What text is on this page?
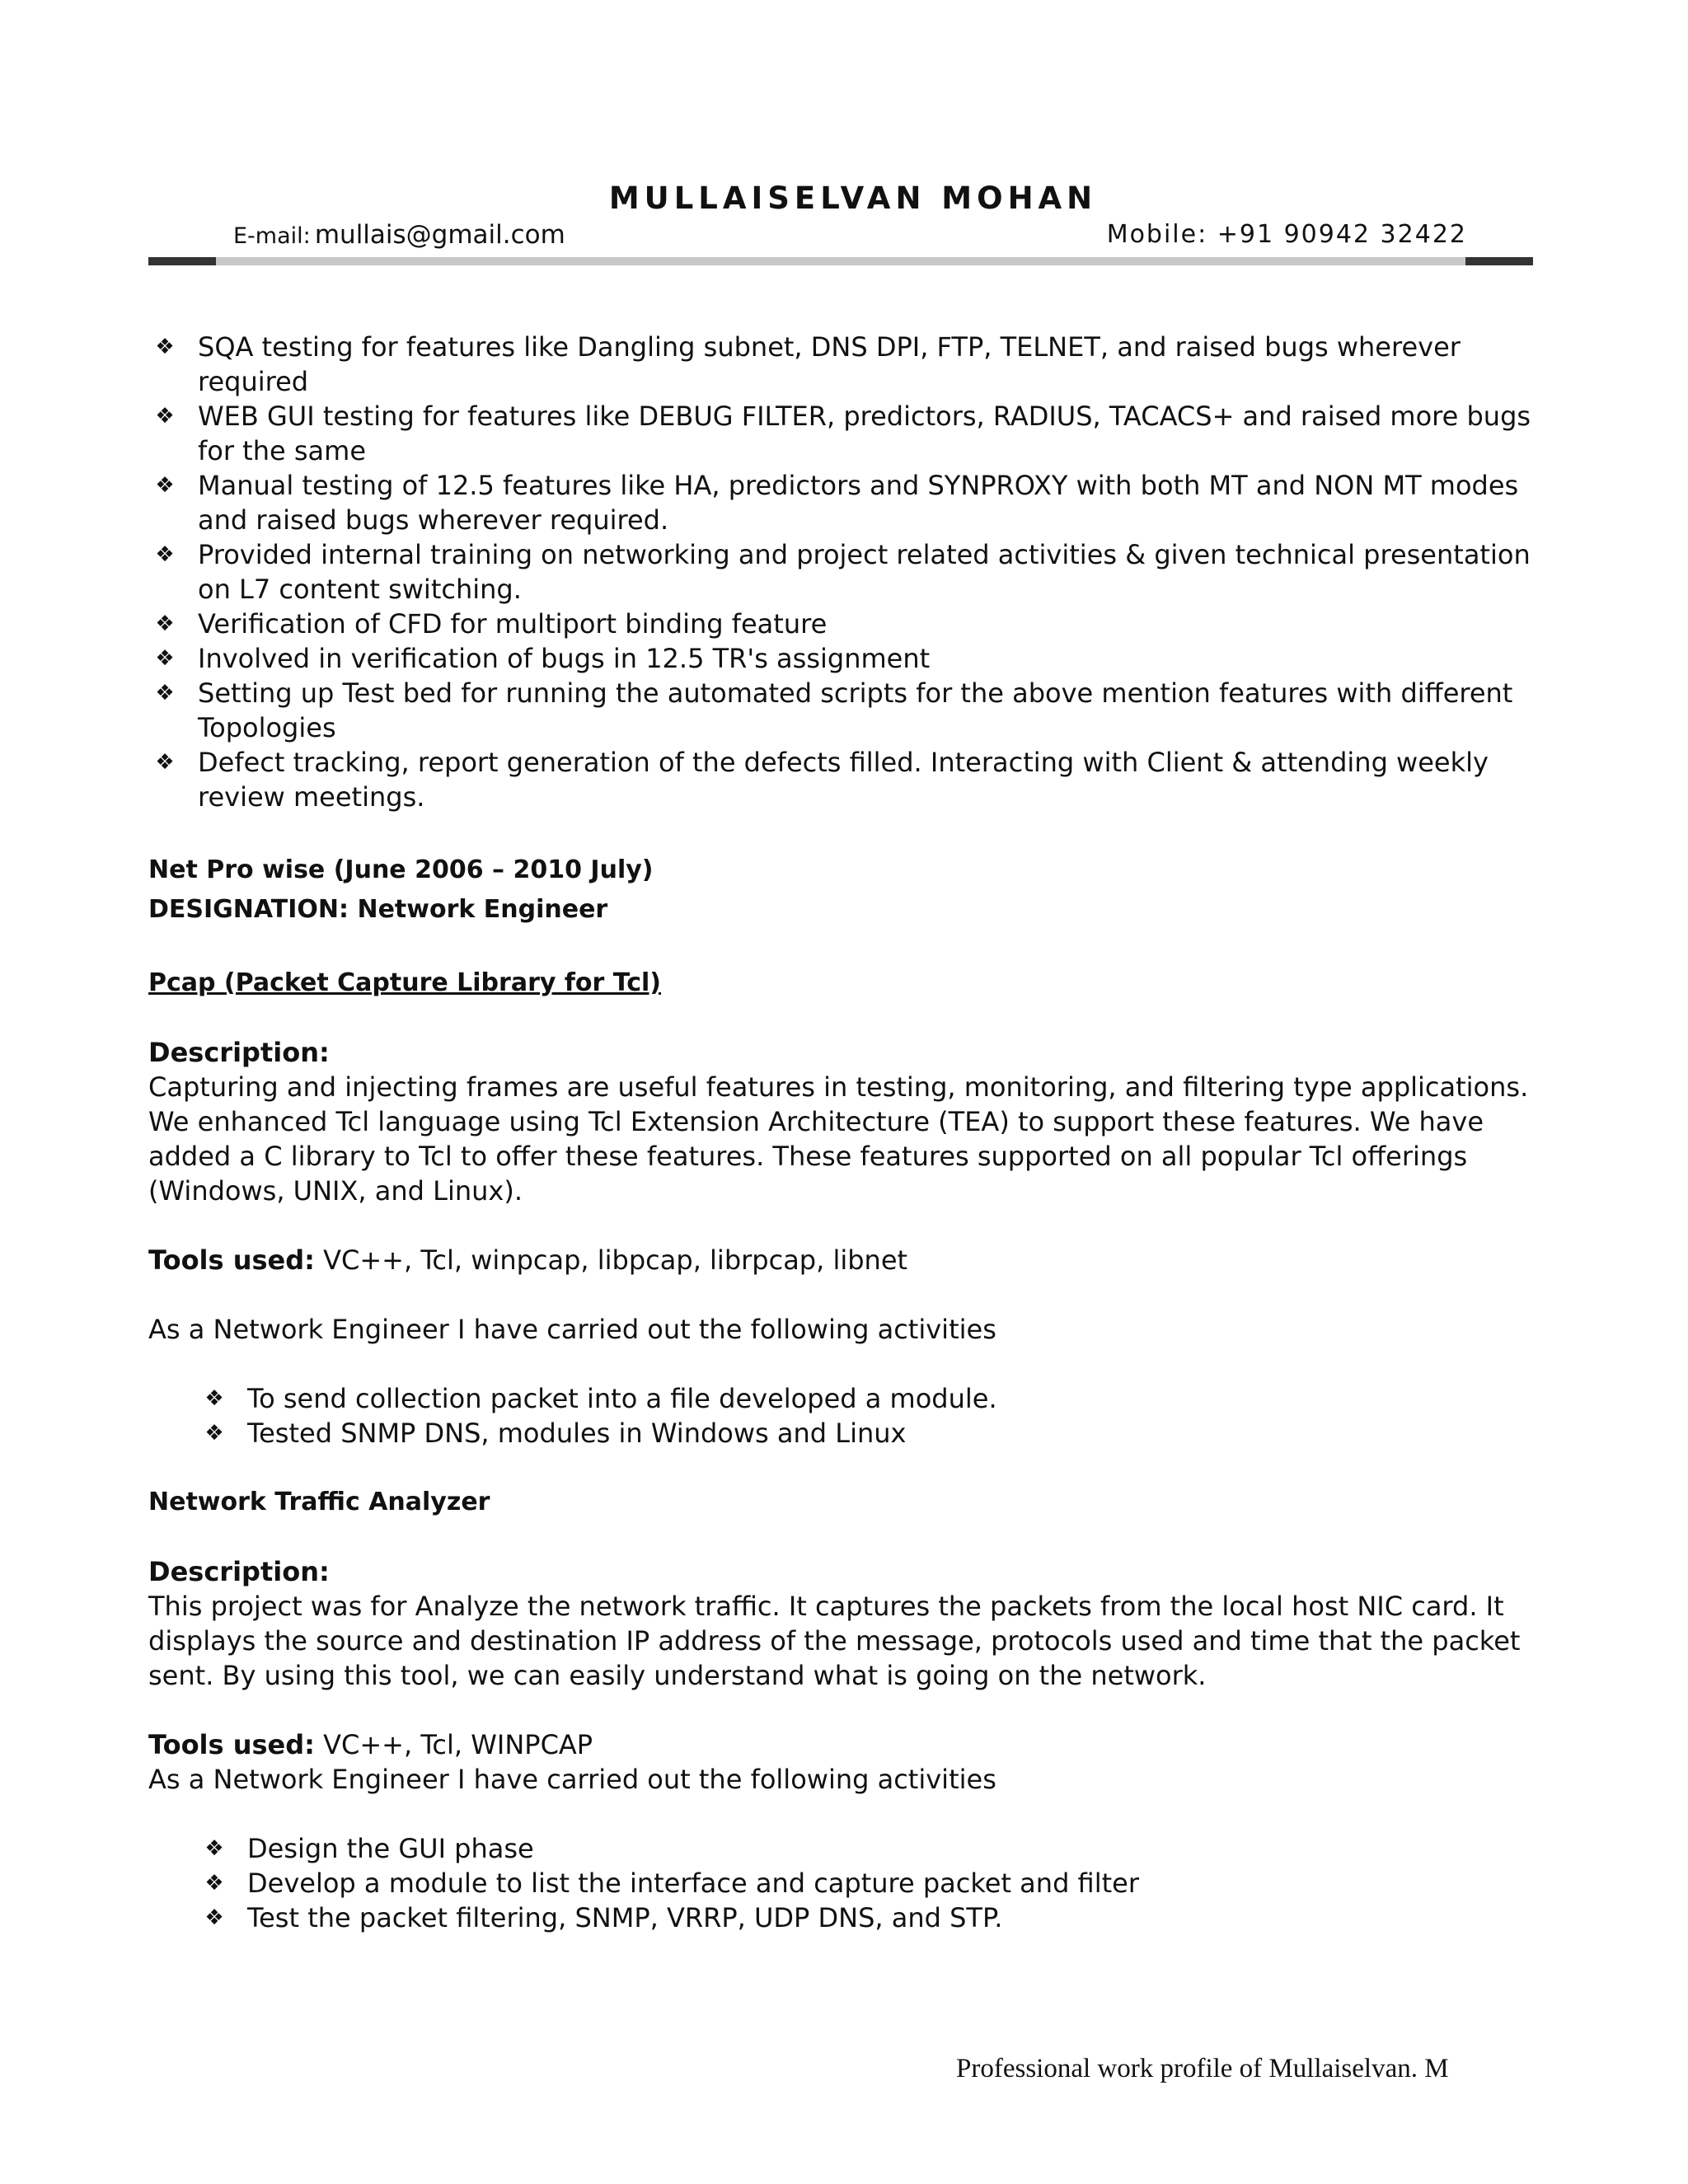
MULLAISELVAN MOHAN

E-mail: mullais@gmail.com	Mobile: +91 90942 32422
❖ SQA testing for features like Dangling subnet, DNS DPI, FTP, TELNET, and raised bugs wherever required
❖ WEB GUI testing for features like DEBUG FILTER, predictors, RADIUS, TACACS+ and raised more bugs for the same
❖ Manual testing of 12.5 features like HA, predictors and SYNPROXY with both MT and NON MT modes and raised bugs wherever required.
❖ Provided internal training on networking and project related activities & given technical presentation on L7 content switching.
❖ Verification of CFD for multiport binding feature
❖ Involved in verification of bugs in 12.5 TR's assignment
❖ Setting up Test bed for running the automated scripts for the above mention features with different Topologies
❖ Defect tracking, report generation of the defects filled. Interacting with Client & attending weekly review meetings.

Net Pro wise (June 2006 – 2010 July)

DESIGNATION: Network Engineer

Pcap (Packet Capture Library for Tcl)

Description:

Capturing and injecting frames are useful features in testing, monitoring, and filtering type applications. We enhanced Tcl language using Tcl Extension Architecture (TEA) to support these features. We have added a C library to Tcl to offer these features. These features supported on all popular Tcl offerings (Windows, UNIX, and Linux).

Tools used: VC++, Tcl, winpcap, libpcap, librpcap, libnet

As a Network Engineer I have carried out the following activities

❖ To send collection packet into a file developed a module.
❖ Tested SNMP DNS, modules in Windows and Linux

Network Traffic Analyzer

Description:

This project was for Analyze the network traffic. It captures the packets from the local host NIC card. It displays the source and destination IP address of the message, protocols used and time that the packet sent. By using this tool, we can easily understand what is going on the network.

Tools used: VC++, Tcl, WINPCAP

As a Network Engineer I have carried out the following activities

❖ Design the GUI phase
❖ Develop a module to list the interface and capture packet and filter
❖ Test the packet filtering, SNMP, VRRP, UDP DNS, and STP.
Professional work profile of Mullaiselvan. M
